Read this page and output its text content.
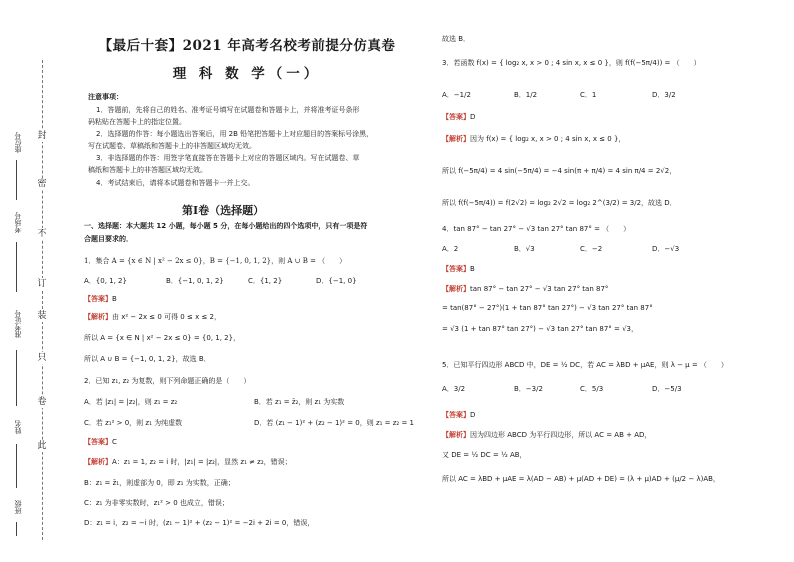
封
密
不
订
装
只
卷
此
座位号
考场号
准考证号
姓名
班级
【最后十套】2021 年高考名校考前提分仿真卷
理 科 数 学（一）
注意事项：
1．答题前，先将自己的姓名、准考证号填写在试题卷和答题卡上，并将准考证号条形
码粘贴在答题卡上的指定位置。
2．选择题的作答：每小题选出答案后，用 2B 铅笔把答题卡上对应题目的答案标号涂黑，
写在试题卷、草稿纸和答题卡上的非答题区域均无效。
3．非选择题的作答：用签字笔直接答在答题卡上对应的答题区域内。写在试题卷、草
稿纸和答题卡上的非答题区域均无效。
4．考试结束后，请将本试题卷和答题卡一并上交。
第Ⅰ卷（选择题）
一、选择题：本大题共 12 小题，每小题 5 分，在每小题给出的四个选项中，只有一项是符
合题目要求的．
1．集合 A = {x ∈ N | x² − 2x ≤ 0}，B = {−1, 0, 1, 2}，则 A ∪ B = （　　）
A．{0, 1, 2}	B．{−1, 0, 1, 2}	C．{1, 2}	D．{−1, 0}
【答案】B
【解析】由 x² − 2x ≤ 0 可得 0 ≤ x ≤ 2，
所以 A = {x ∈ N | x² − 2x ≤ 0} = {0, 1, 2}，
所以 A ∪ B = {−1, 0, 1, 2}，故选 B．
2．已知 z₁, z₂ 为复数，则下列命题正确的是（　　）
A．若 |z₁| = |z₂|，则 z₁ = z₂	B．若 z₁ = z̄₂，则 z₁ 为实数
C．若 z₁² > 0，则 z₁ 为纯虚数	D．若 (z₁ − 1)² + (z₂ − 1)² = 0，则 z₁ = z₂ = 1
【答案】C
【解析】A：z₁ = 1, z₂ = i 时，|z₁| = |z₂|，显然 z₁ ≠ z₂，错误；
B：z₁ = z̄₁，则虚部为 0，即 z₁ 为实数，正确；
C：z₁ 为非零实数时，z₁² > 0 也成立，错误；
D：z₁ = i，z₂ = −i 时，(z₁ − 1)² + (z₂ − 1)² = −2i + 2i = 0，错误，
故选 B．
3．若函数 f(x) = { log₂ x, x > 0 ; 4 sin x, x ≤ 0 }，则 f(f(−5π/4)) = （　　）
A．−1/2	B．1/2	C．1	D．3/2
【答案】D
【解析】因为 f(x) = { log₂ x, x > 0 ; 4 sin x, x ≤ 0 }，
所以 f(−5π/4) = 4 sin(−5π/4) = −4 sin(π + π/4) = 4 sin π/4 = 2√2，
所以 f(f(−5π/4)) = f(2√2) = log₂ 2√2 = log₂ 2^(3/2) = 3/2，故选 D．
4．tan 87° − tan 27° − √3 tan 27° tan 87° = （　　）
A．2	B．√3	C．−2	D．−√3
【答案】B
【解析】tan 87° − tan 27° − √3 tan 27° tan 87°
= tan(87° − 27°)(1 + tan 87° tan 27°) − √3 tan 27° tan 87°
= √3 (1 + tan 87° tan 27°) − √3 tan 27° tan 87° = √3，
5．已知平行四边形 ABCD 中，DE = ½ DC，若 AC = λBD + μAE，则 λ − μ = （　　）
A．3/2	B．−3/2	C．5/3	D．−5/3
【答案】D
【解析】因为四边形 ABCD 为平行四边形，所以 AC = AB + AD，
又 DE = ½ DC = ½ AB，
所以 AC = λBD + μAE = λ(AD − AB) + μ(AD + DE) = (λ + μ)AD + (μ/2 − λ)AB，
